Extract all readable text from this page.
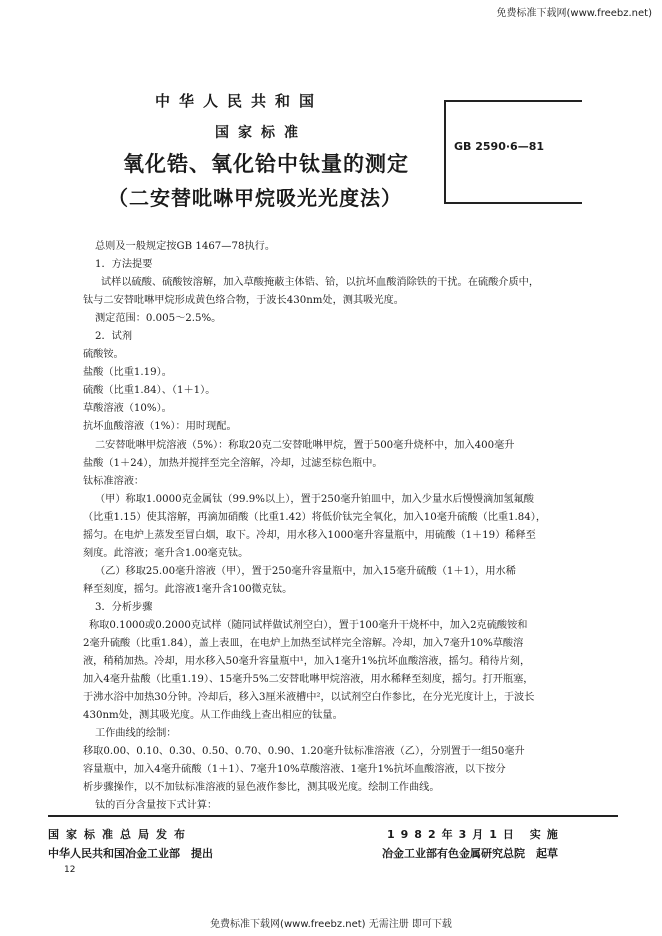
免费标准下载网(www.freebz.net)
中华人民共和国
国家标准
氧化锆、氧化铪中钛量的测定
（二安替吡啉甲烷吸光光度法）
GB 2590·6—81

总则及一般规定按GB 1467—78执行。

1．方法提要

试样以硫酸、硫酸铵溶解，加入草酸掩蔽主体锆、铪，以抗坏血酸消除铁的干扰。在硫酸介质中，

钛与二安替吡啉甲烷形成黄色络合物，于波长430nm处，测其吸光度。

测定范围：0.005～2.5%。

2．试剂

硫酸铵。

盐酸（比重1.19）。

硫酸（比重1.84）、（1＋1）。

草酸溶液（10%）。

抗坏血酸溶液（1%）：用时现配。

二安替吡啉甲烷溶液（5%）：称取20克二安替吡啉甲烷，置于500毫升烧杯中，加入400毫升

盐酸（1＋24），加热并搅拌至完全溶解，冷却，过滤至棕色瓶中。

钛标准溶液：

（甲）称取1.0000克金属钛（99.9%以上），置于250毫升铂皿中，加入少量水后慢慢滴加氢氟酸

（比重1.15）使其溶解，再滴加硝酸（比重1.42）将低价钛完全氧化，加入10毫升硫酸（比重1.84），

摇匀。在电炉上蒸发至冒白烟，取下。冷却，用水移入1000毫升容量瓶中，用硫酸（1＋19）稀释至

刻度。此溶液；毫升含1.00毫克钛。

（乙）移取25.00毫升溶液（甲），置于250毫升容量瓶中，加入15毫升硫酸（1＋1），用水稀

释至刻度，摇匀。此溶液1毫升含100微克钛。

3．分析步骤

称取0.1000或0.2000克试样（随同试样做试剂空白），置于100毫升干烧杯中，加入2克硫酸铵和

2毫升硫酸（比重1.84），盖上表皿，在电炉上加热至试样完全溶解。冷却，加入7毫升10%草酸溶

液，稍稍加热。冷却，用水移入50毫升容量瓶中¹，加入1毫升1%抗坏血酸溶液，摇匀。稍待片刻，

加入4毫升盐酸（比重1.19）、15毫升5%二安替吡啉甲烷溶液，用水稀释至刻度，摇匀。打开瓶塞，

于沸水浴中加热30分钟。冷却后，移入3厘米液槽中²，以试剂空白作参比，在分光光度计上，于波长

430nm处，测其吸光度。从工作曲线上查出相应的钛量。

工作曲线的绘制：

移取0.00、0.10、0.30、0.50、0.70、0.90、1.20毫升钛标准溶液（乙），分别置于一组50毫升

容量瓶中，加入4毫升硫酸（1＋1）、7毫升10%草酸溶液、1毫升1%抗坏血酸溶液，以下按分

析步骤操作，以不加钛标准溶液的显色液作参比，测其吸光度。绘制工作曲线。

钛的百分含量按下式计算：

国家标准总局发布
中华人民共和国冶金工业部　提出
1982年3月1日 实施
冶金工业部有色金属研究总院　起草
12
免费标准下载网(www.freebz.net) 无需注册 即可下载
